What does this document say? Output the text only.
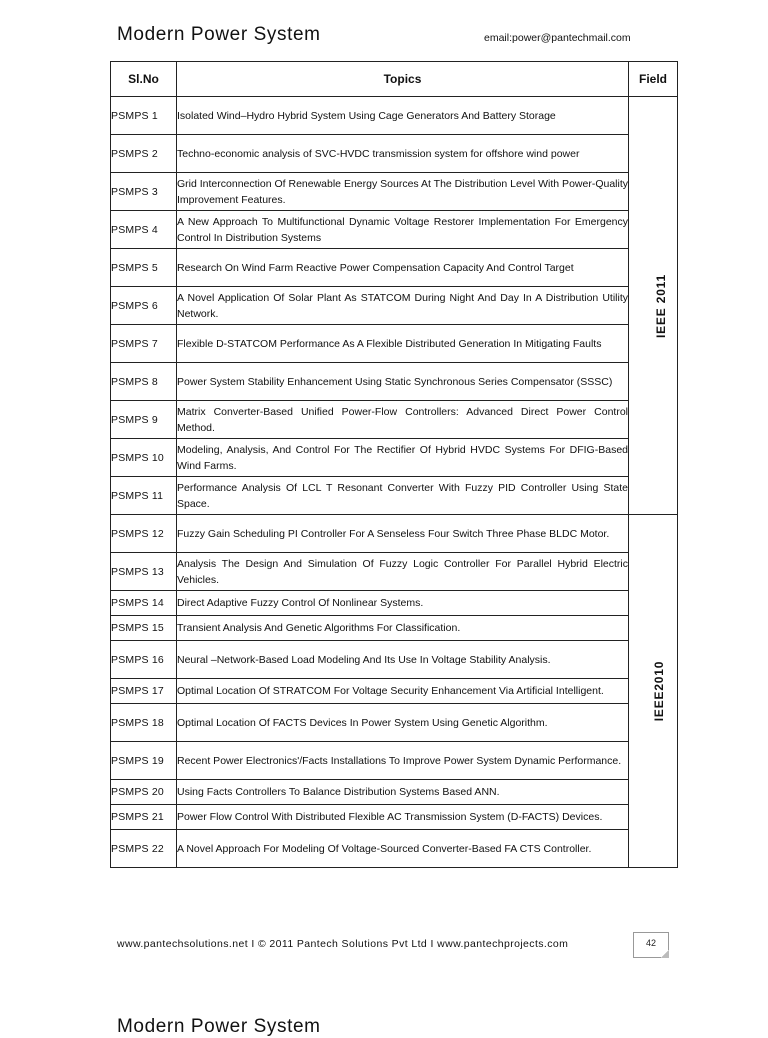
Modern Power System	email:power@pantechmail.com
Sl.No	Topics	Field
PSMPS 1	Isolated Wind–Hydro Hybrid System Using Cage Generators And Battery Storage	IEEE 2011
PSMPS 2	Techno-economic analysis of SVC-HVDC transmission system for offshore wind power	
PSMPS 3	Grid Interconnection Of Renewable Energy Sources At The Distribution Level With Power-Quality Improvement Features.	
PSMPS 4	A New Approach To Multifunctional Dynamic Voltage Restorer Implementation For Emergency Control In Distribution Systems	
PSMPS 5	Research On Wind Farm Reactive Power Compensation Capacity And Control Target	
PSMPS 6	A Novel Application Of Solar Plant As STATCOM During Night And Day In A Distribution Utility Network.	
PSMPS 7	Flexible D-STATCOM Performance As A Flexible Distributed Generation In Mitigating Faults	
PSMPS 8	Power System Stability Enhancement Using Static Synchronous Series Compensator (SSSC)	
PSMPS 9	Matrix Converter-Based Unified Power-Flow Controllers: Advanced Direct Power Control Method.	
PSMPS 10	Modeling, Analysis, And Control For The Rectifier Of Hybrid HVDC Systems For DFIG-Based Wind Farms.	
PSMPS 11	Performance Analysis Of LCL T Resonant Converter With Fuzzy PID Controller Using State Space.	
PSMPS 12	Fuzzy Gain Scheduling PI Controller For A Senseless Four Switch Three Phase BLDC Motor.	IEEE2010
PSMPS 13	Analysis The Design And Simulation Of Fuzzy Logic Controller For Parallel Hybrid Electric Vehicles.	
PSMPS 14	Direct Adaptive Fuzzy Control Of Nonlinear Systems.	
PSMPS 15	Transient Analysis And Genetic Algorithms For Classification.	
PSMPS 16	Neural –Network-Based Load Modeling And Its Use In Voltage Stability Analysis.	
PSMPS 17	Optimal Location Of STRATCOM For Voltage Security Enhancement Via Artificial Intelligent.	
PSMPS 18	Optimal Location Of FACTS Devices In Power System Using Genetic Algorithm.	
PSMPS 19	Recent Power Electronics'/Facts Installations To Improve Power System Dynamic Performance.	
PSMPS 20	Using Facts Controllers To Balance Distribution Systems Based ANN.	
PSMPS 21	Power Flow Control With Distributed Flexible AC Transmission System (D-FACTS) Devices.	
PSMPS 22	A Novel Approach For Modeling Of Voltage-Sourced Converter-Based FA CTS Controller.	
www.pantechsolutions.net I © 2011 Pantech Solutions Pvt Ltd I www.pantechprojects.com	42
Modern Power System
